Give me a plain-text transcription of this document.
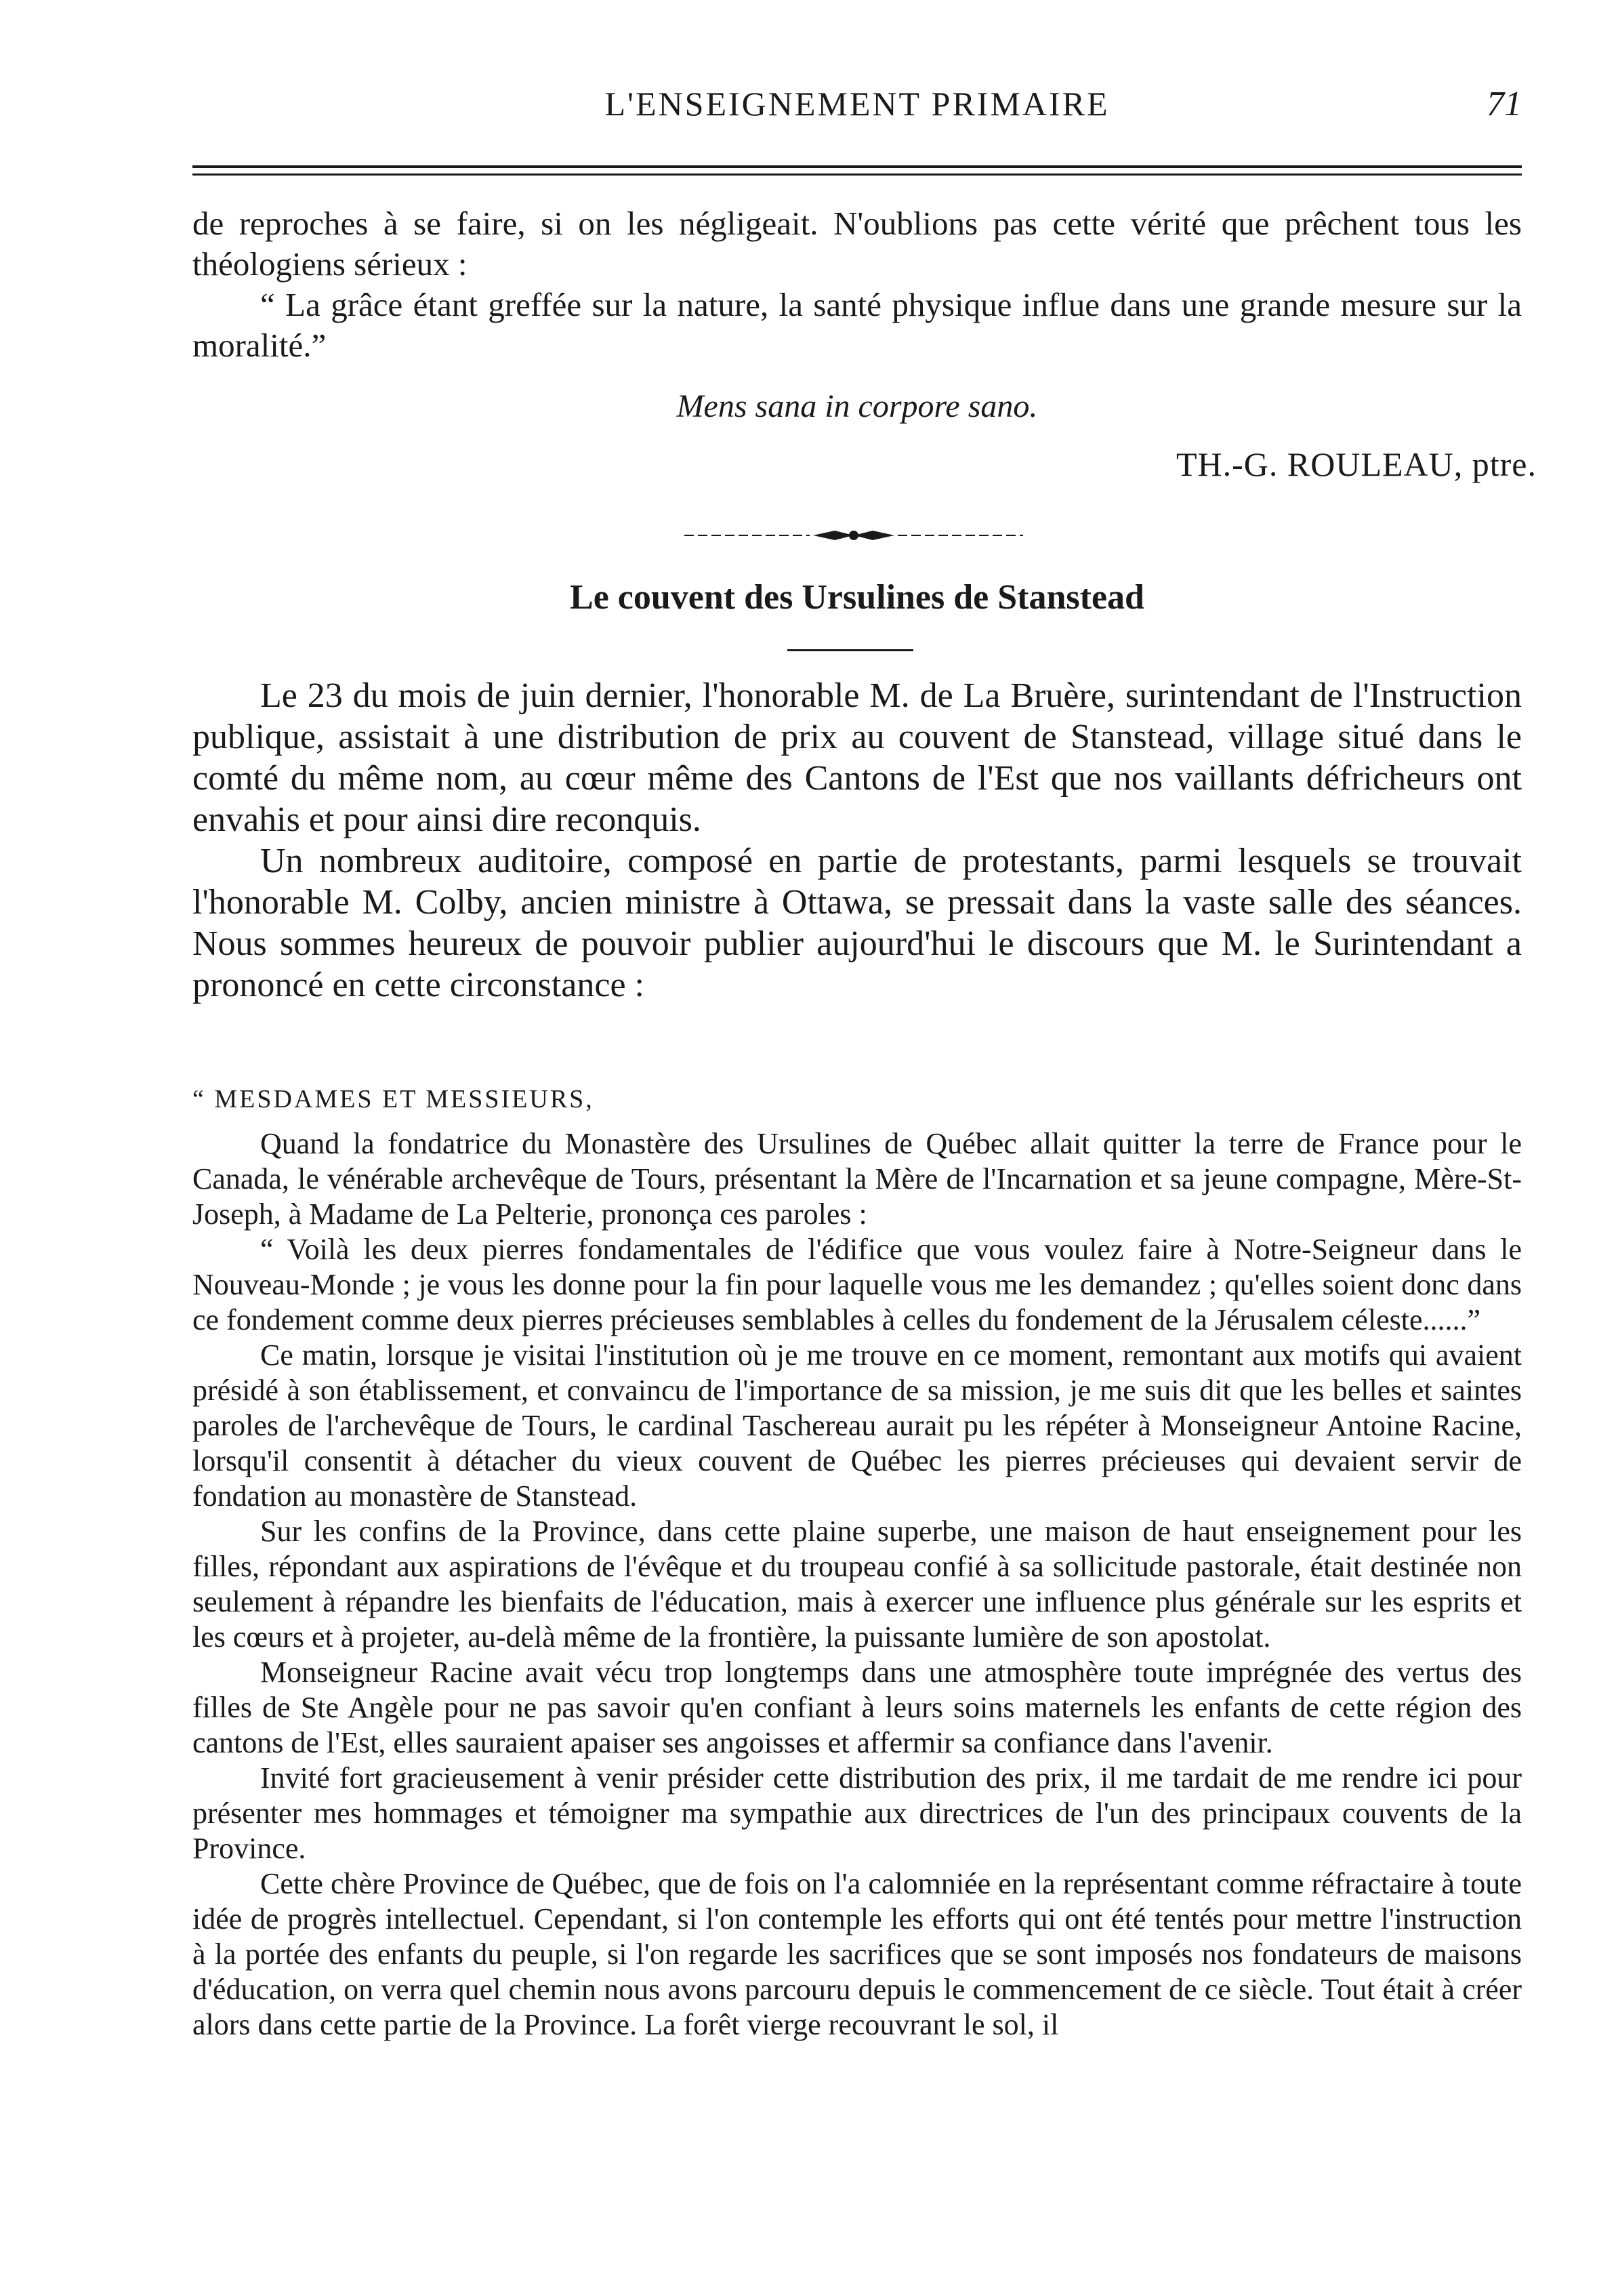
L'ENSEIGNEMENT PRIMAIRE	71

de reproches à se faire, si on les négligeait. N'oublions pas cette vérité que prêchent tous les théologiens sérieux :

“ La grâce étant greffée sur la nature, la santé physique influe dans une grande mesure sur la moralité.”

Mens sana in corpore sano.
TH.-G. ROULEAU, ptre.
Le couvent des Ursulines de Stanstead

Le 23 du mois de juin dernier, l'honorable M. de La Bruère, surintendant de l'Instruction publique, assistait à une distribution de prix au couvent de Stanstead, village situé dans le comté du même nom, au cœur même des Cantons de l'Est que nos vaillants défricheurs ont envahis et pour ainsi dire reconquis.

Un nombreux auditoire, composé en partie de protestants, parmi lesquels se trouvait l'honorable M. Colby, ancien ministre à Ottawa, se pressait dans la vaste salle des séances. Nous sommes heureux de pouvoir publier aujourd'hui le discours que M. le Surintendant a prononcé en cette circonstance :

“ MESDAMES ET MESSIEURS,

Quand la fondatrice du Monastère des Ursulines de Québec allait quitter la terre de France pour le Canada, le vénérable archevêque de Tours, présentant la Mère de l'Incarnation et sa jeune compagne, Mère-St-Joseph, à Madame de La Pelterie, prononça ces paroles :

“ Voilà les deux pierres fondamentales de l'édifice que vous voulez faire à Notre-Seigneur dans le Nouveau-Monde ; je vous les donne pour la fin pour laquelle vous me les demandez ; qu'elles soient donc dans ce fondement comme deux pierres précieuses semblables à celles du fondement de la Jérusalem céleste......”

Ce matin, lorsque je visitai l'institution où je me trouve en ce moment, remontant aux motifs qui avaient présidé à son établissement, et convaincu de l'importance de sa mission, je me suis dit que les belles et saintes paroles de l'archevêque de Tours, le cardinal Taschereau aurait pu les répéter à Monseigneur Antoine Racine, lorsqu'il consentit à détacher du vieux couvent de Québec les pierres précieuses qui devaient servir de fondation au monastère de Stanstead.

Sur les confins de la Province, dans cette plaine superbe, une maison de haut enseignement pour les filles, répondant aux aspirations de l'évêque et du troupeau confié à sa sollicitude pastorale, était destinée non seulement à répandre les bienfaits de l'éducation, mais à exercer une influence plus générale sur les esprits et les cœurs et à projeter, au-delà même de la frontière, la puissante lumière de son apostolat.

Monseigneur Racine avait vécu trop longtemps dans une atmosphère toute imprégnée des vertus des filles de Ste Angèle pour ne pas savoir qu'en confiant à leurs soins maternels les enfants de cette région des cantons de l'Est, elles sauraient apaiser ses angoisses et affermir sa confiance dans l'avenir.

Invité fort gracieusement à venir présider cette distribution des prix, il me tardait de me rendre ici pour présenter mes hommages et témoigner ma sympathie aux directrices de l'un des principaux couvents de la Province.

Cette chère Province de Québec, que de fois on l'a calomniée en la représentant comme réfractaire à toute idée de progrès intellectuel. Cependant, si l'on contemple les efforts qui ont été tentés pour mettre l'instruction à la portée des enfants du peuple, si l'on regarde les sacrifices que se sont imposés nos fondateurs de maisons d'éducation, on verra quel chemin nous avons parcouru depuis le commencement de ce siècle. Tout était à créer alors dans cette partie de la Province. La forêt vierge recouvrant le sol, il
